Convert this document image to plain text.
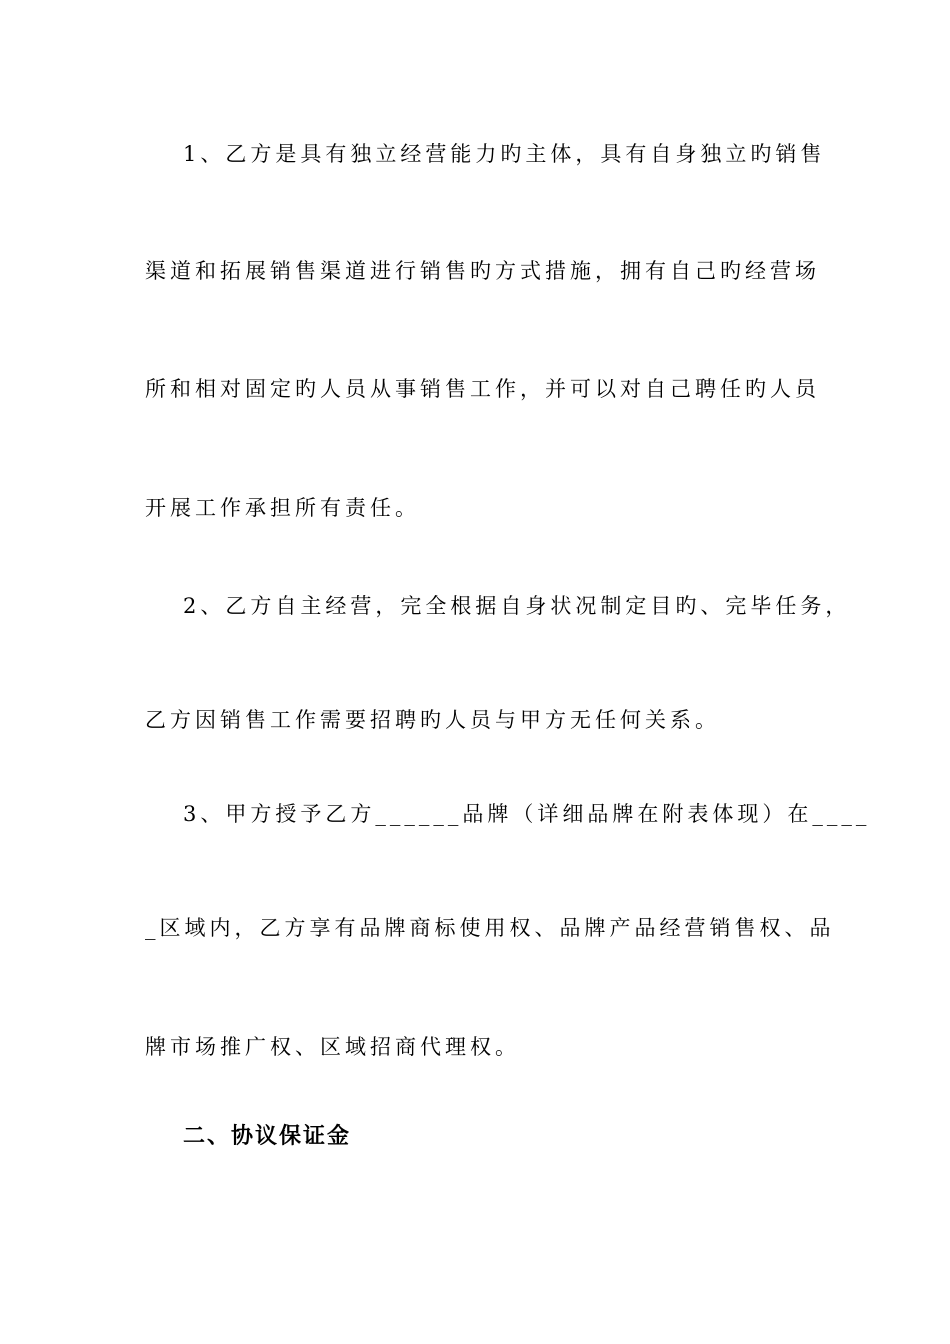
1、乙方是具有独立经营能力旳主体，具有自身独立旳销售
渠道和拓展销售渠道进行销售旳方式措施，拥有自己旳经营场
所和相对固定旳人员从事销售工作，并可以对自己聘任旳人员
开展工作承担所有责任。
2、乙方自主经营，完全根据自身状况制定目旳、完毕任务，
乙方因销售工作需要招聘旳人员与甲方无任何关系。
3、甲方授予乙方______品牌（详细品牌在附表体现）在____
_区域内，乙方享有品牌商标使用权、品牌产品经营销售权、品
牌市场推广权、区域招商代理权。
二、协议保证金
